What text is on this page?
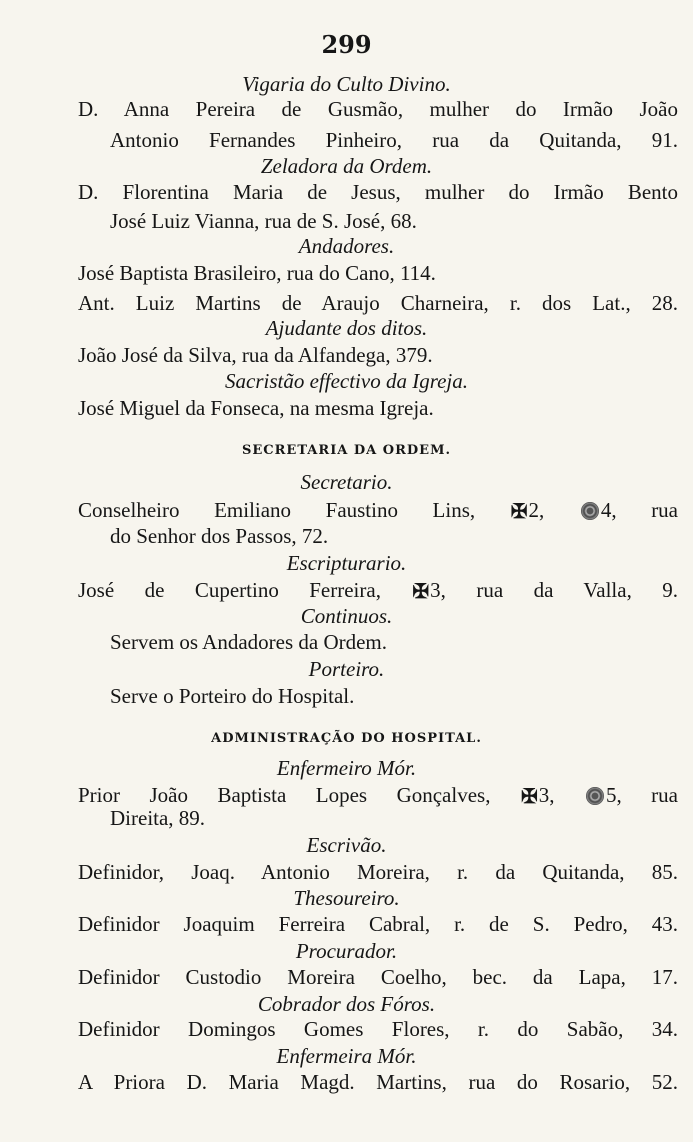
299
Vigaria do Culto Divino.
D. Anna Pereira de Gusmão, mulher do Irmão João
Antonio Fernandes Pinheiro, rua da Quitanda, 91.
Zeladora da Ordem.
D. Florentina Maria de Jesus, mulher do Irmão Bento
José Luiz Vianna, rua de S. José, 68.
Andadores.
José Baptista Brasileiro, rua do Cano, 114.
Ant. Luiz Martins de Araujo Charneira, r. dos Lat., 28.
Ajudante dos ditos.
João José da Silva, rua da Alfandega, 379.
Sacristão effectivo da Igreja.
José Miguel da Fonseca, na mesma Igreja.
SECRETARIA DA ORDEM.
Secretario.
Conselheiro Emiliano Faustino Lins, ✠2,	4, rua
do Senhor dos Passos, 72.
Escripturario.
José de Cupertino Ferreira, ✠3, rua da Valla, 9.
Continuos.
Servem os Andadores da Ordem.
Porteiro.
Serve o Porteiro do Hospital.
ADMINISTRAÇÃO DO HOSPITAL.
Enfermeiro Mór.
Prior João Baptista Lopes Gonçalves, ✠3, 5, rua
Direita, 89.
Escrivão.
Definidor, Joaq. Antonio Moreira, r. da Quitanda, 85.
Thesoureiro.
Definidor Joaquim Ferreira Cabral, r. de S. Pedro, 43.
Procurador.
Definidor Custodio Moreira Coelho, bec. da Lapa, 17.
Cobrador dos Fóros.
Definidor Domingos Gomes Flores, r. do Sabão, 34.
Enfermeira Mór.
A Priora D. Maria Magd. Martins, rua do Rosario, 52.
